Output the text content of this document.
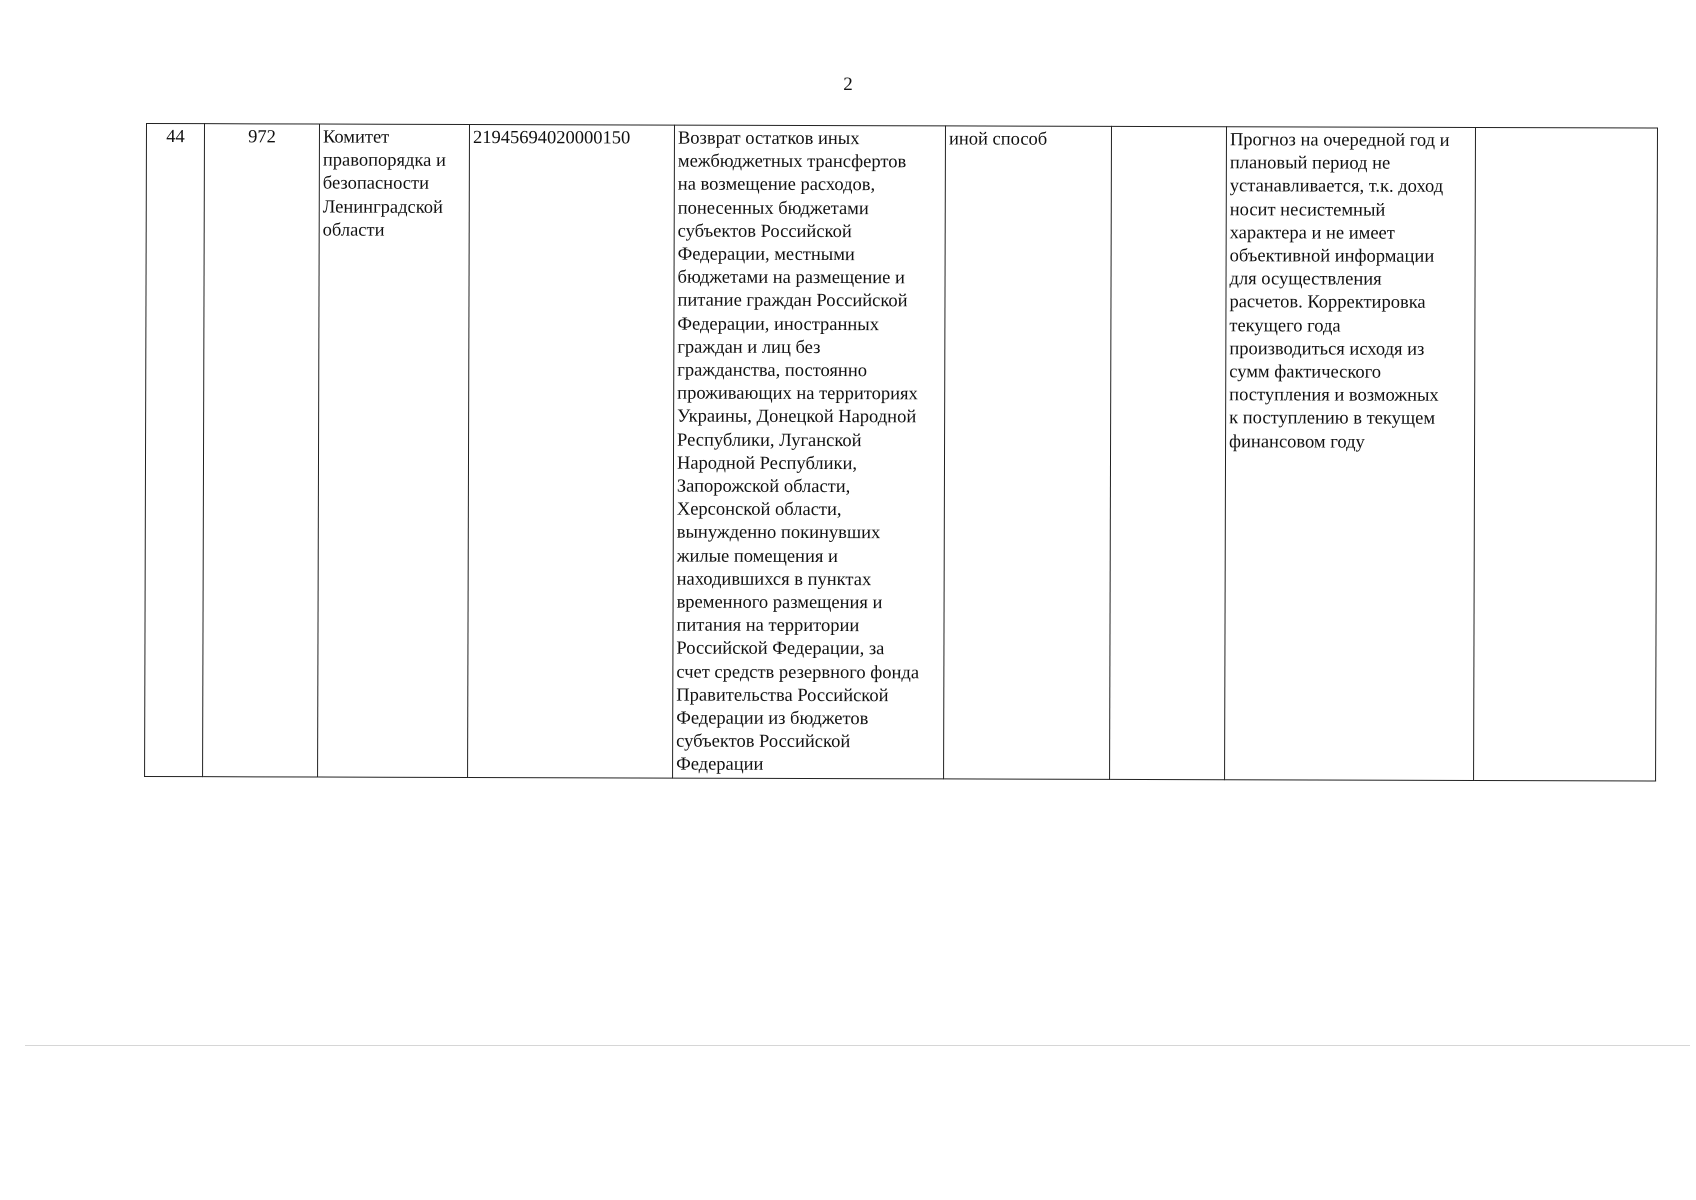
2
44	972	Комитет
правопорядка и
безопасности
Ленинградской
области	21945694020000150	Возврат остатков иных
межбюджетных трансфертов
на возмещение расходов,
понесенных бюджетами
субъектов Российской
Федерации, местными
бюджетами на размещение и
питание граждан Российской
Федерации, иностранных
граждан и лиц без
гражданства, постоянно
проживающих на территориях
Украины, Донецкой Народной
Республики, Луганской
Народной Республики,
Запорожской области,
Херсонской области,
вынужденно покинувших
жилые помещения и
находившихся в пунктах
временного размещения и
питания на территории
Российской Федерации, за
счет средств резервного фонда
Правительства Российской
Федерации из бюджетов
субъектов Российской
Федерации	иной способ		Прогноз на очередной год и
плановый период не
устанавливается, т.к. доход
носит несистемный
характера и не имеет
объективной информации
для осуществления
расчетов. Корректировка
текущего года
производиться исходя из
сумм фактического
поступления и возможных
к поступлению в текущем
финансовом году	
